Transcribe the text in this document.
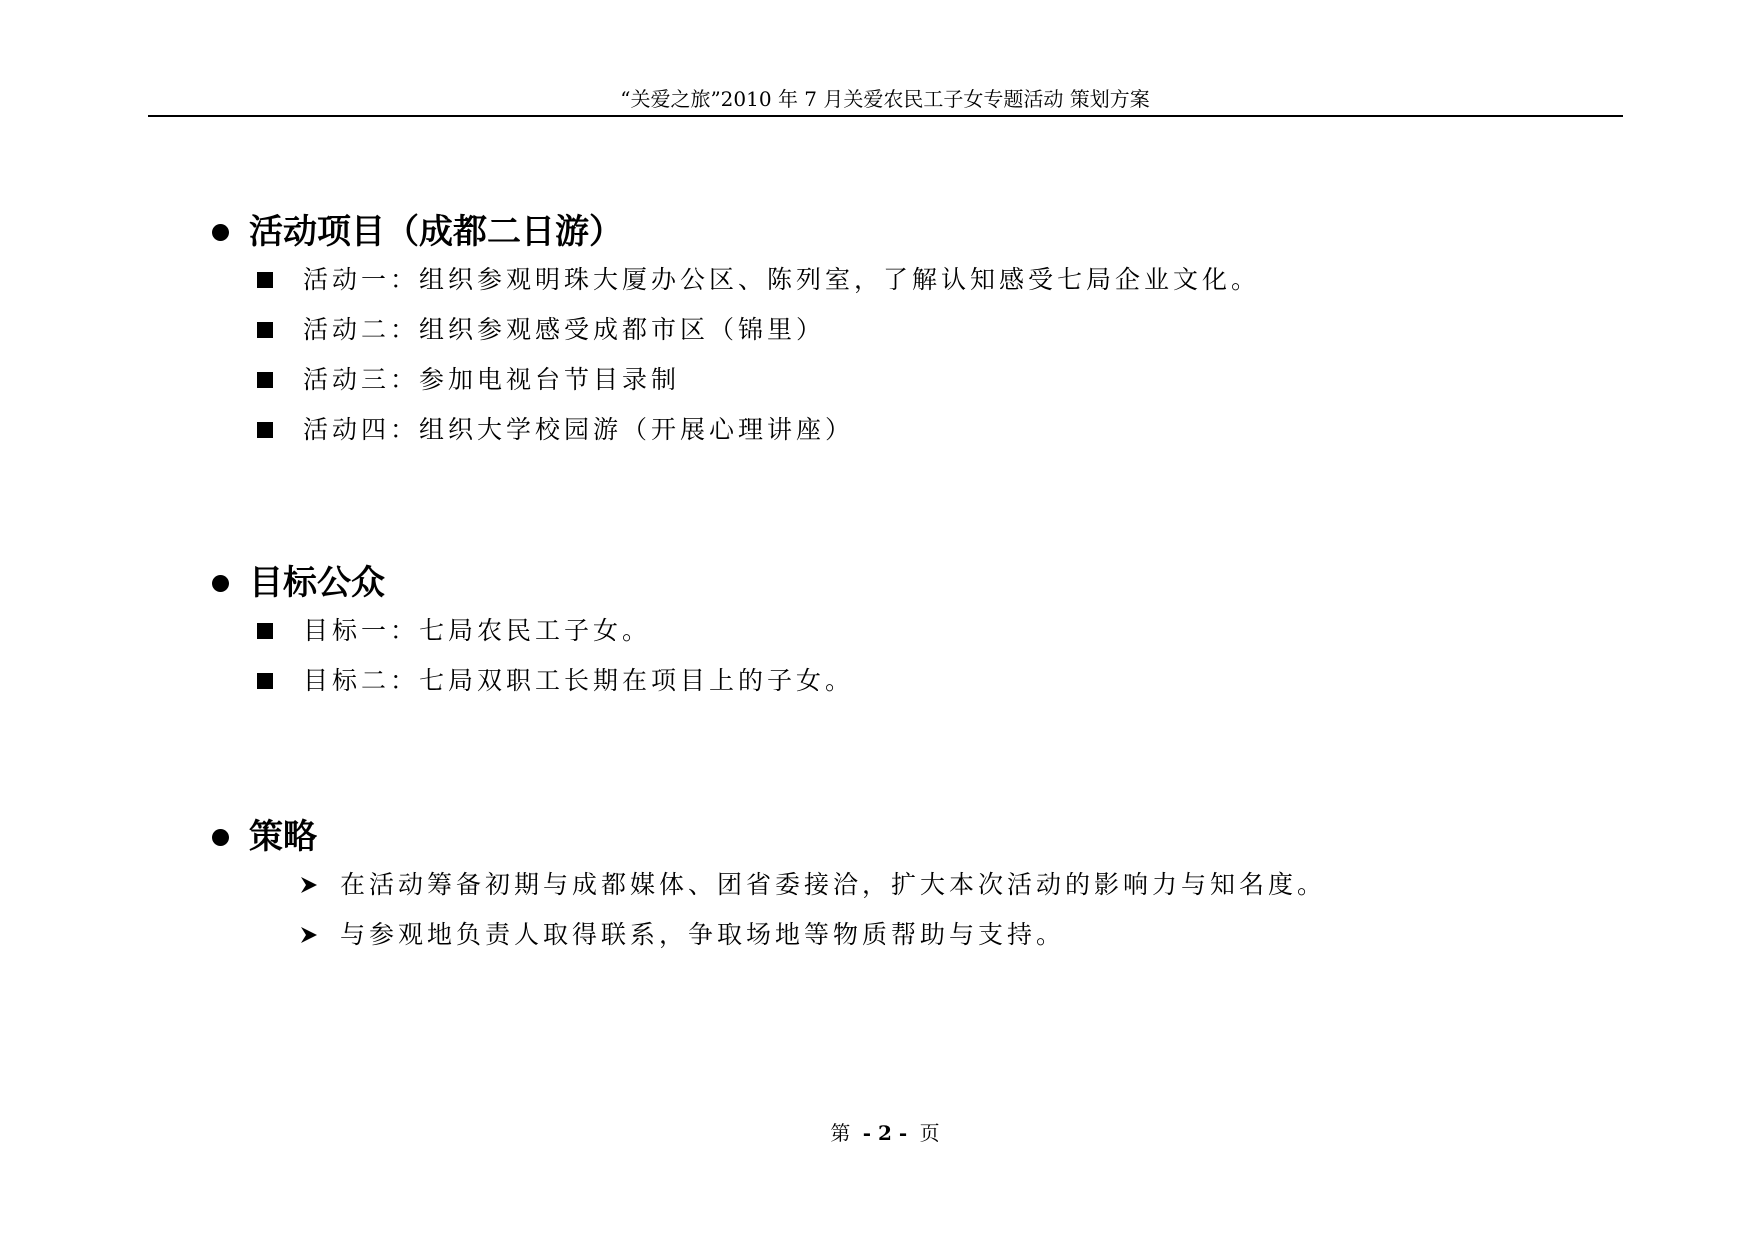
“关爱之旅”2010 年 7 月关爱农民工子女专题活动 策划方案
活动项目（成都二日游）
活动一：组织参观明珠大厦办公区、陈列室，了解认知感受七局企业文化。
活动二：组织参观感受成都市区（锦里）
活动三：参加电视台节目录制
活动四：组织大学校园游（开展心理讲座）
目标公众
目标一：七局农民工子女。
目标二：七局双职工长期在项目上的子女。
策略
在活动筹备初期与成都媒体、团省委接洽，扩大本次活动的影响力与知名度。
与参观地负责人取得联系，争取场地等物质帮助与支持。
第 - 2 - 页
